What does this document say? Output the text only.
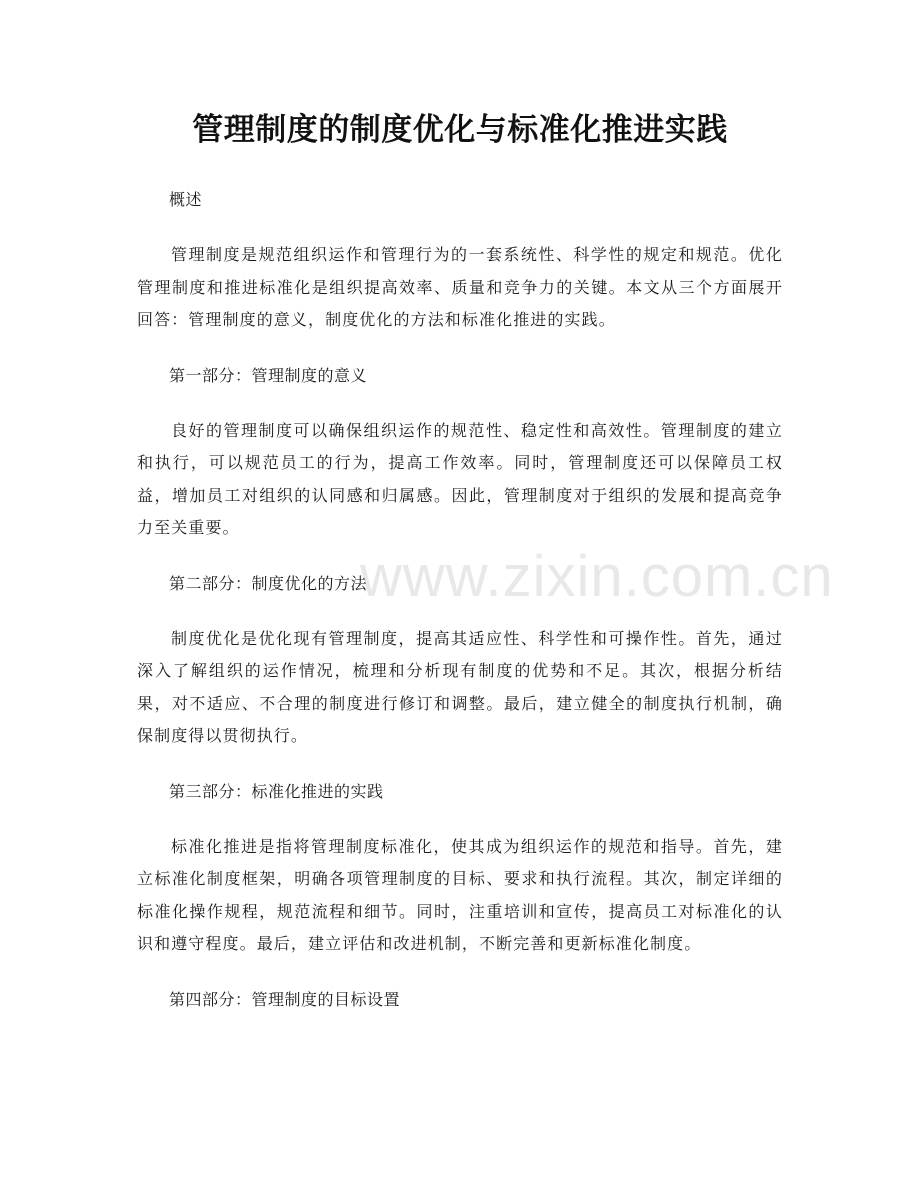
www.zixin.com.cn
管理制度的制度优化与标准化推进实践

概述

管理制度是规范组织运作和管理行为的一套系统性、科学性的规定和规范。优化管理制度和推进标准化是组织提高效率、质量和竞争力的关键。本文从三个方面展开回答：管理制度的意义，制度优化的方法和标准化推进的实践。

第一部分：管理制度的意义

良好的管理制度可以确保组织运作的规范性、稳定性和高效性。管理制度的建立和执行，可以规范员工的行为，提高工作效率。同时，管理制度还可以保障员工权益，增加员工对组织的认同感和归属感。因此，管理制度对于组织的发展和提高竞争力至关重要。

第二部分：制度优化的方法

制度优化是优化现有管理制度，提高其适应性、科学性和可操作性。首先，通过深入了解组织的运作情况，梳理和分析现有制度的优势和不足。其次，根据分析结果，对不适应、不合理的制度进行修订和调整。最后，建立健全的制度执行机制，确保制度得以贯彻执行。

第三部分：标准化推进的实践

标准化推进是指将管理制度标准化，使其成为组织运作的规范和指导。首先，建立标准化制度框架，明确各项管理制度的目标、要求和执行流程。其次，制定详细的标准化操作规程，规范流程和细节。同时，注重培训和宣传，提高员工对标准化的认识和遵守程度。最后，建立评估和改进机制，不断完善和更新标准化制度。

第四部分：管理制度的目标设置
